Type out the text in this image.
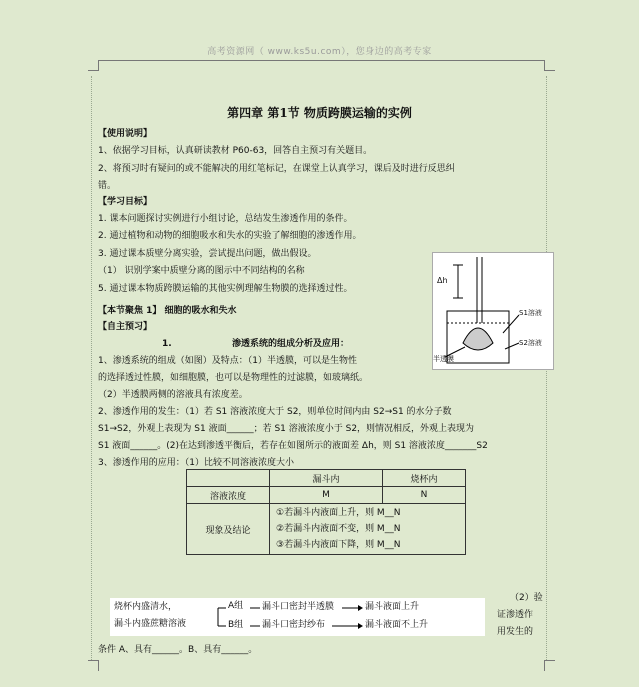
高考资源网（ www.ks5u.com），您身边的高考专家
第四章 第1节 物质跨膜运输的实例
【使用说明】
1、依据学习目标，认真研读教材 P60-63，回答自主预习有关题目。
2、将预习时有疑问的或不能解决的用红笔标记，在课堂上认真学习，课后及时进行反思纠
错。
【学习目标】
1. 课本问题探讨实例进行小组讨论，总结发生渗透作用的条件。
2. 通过植物和动物的细胞吸水和失水的实验了解细胞的渗透作用。
3. 通过课本质壁分离实验，尝试提出问题，做出假设。
（1） 识别学案中质壁分离的图示中不同结构的名称
5. 通过课本物质跨膜运输的其他实例理解生物膜的选择透过性。
【本节聚焦 1】 细胞的吸水和失水
【自主预习】
1.	渗透系统的组成分析及应用：
1、渗透系统的组成（如图）及特点：（1）半透膜，可以是生物性
的选择透过性膜，如细胞膜，也可以是物理性的过滤膜，如玻璃纸。
（2）半透膜两侧的溶液具有浓度差。
2、渗透作用的发生：（1）若 S1 溶液浓度大于 S2，则单位时间内由 S2→S1 的水分子数
S1→S2，外观上表现为 S1 液面______；若 S1 溶液浓度小于 S2，则情况相反，外观上表现为
S1 液面______。(2)在达到渗透平衡后，若存在如图所示的液面差 Δh，则 S1 溶液浓度_______S2
3、渗透作用的应用：（1）比较不同溶液浓度大小
Δh
S1溶液
S2溶液
半透膜
	漏斗内	烧杯内
溶液浓度	M	N
现象及结论	①若漏斗内液面上升，则 M__N
②若漏斗内液面不变，则 M__N
③若漏斗内液面下降，则 M__N	
（2）验
证渗透作
用发生的
条件 A、具有______。B、具有______。
烧杯内盛清水，
漏斗内盛蔗糖溶液
A组
B组
漏斗口密封半透膜
漏斗口密封纱布
漏斗液面上升
漏斗液面不上升
